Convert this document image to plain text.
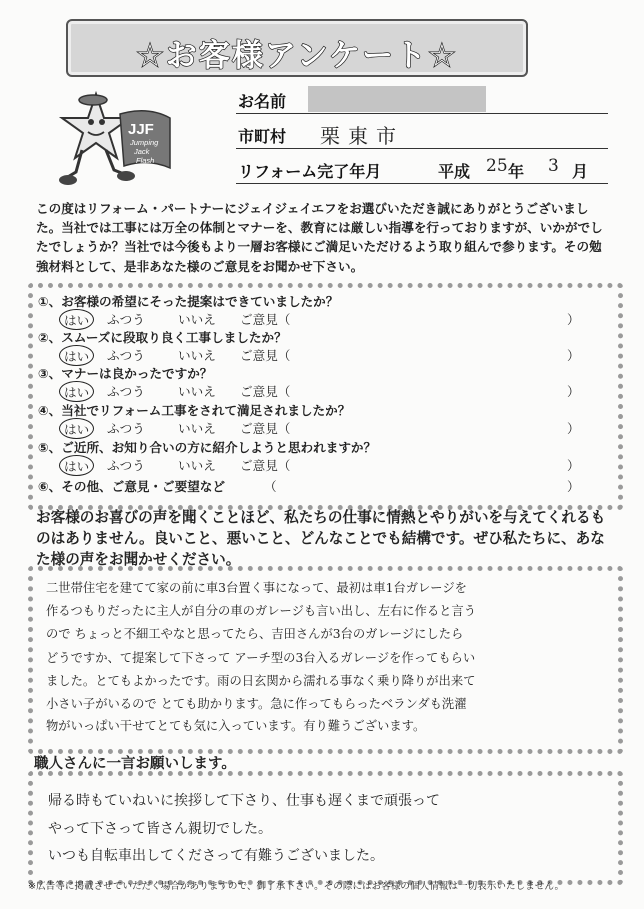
☆お客様アンケート☆
JJF
Jumping
Jack
Flash
お名前
市町村 栗東市
リフォーム完了年月	平成 25 年 3 月
この度はリフォーム・パートナーにジェイジェイエフをお選びいただき誠にありがとうございました。当社では工事には万全の体制とマナーを、教育には厳しい指導を行っておりますが、いかがでしたでしょうか？当社では今後もより一層お客様にご満足いただけるよう取り組んで参ります。その勉強材料として、是非あなた様のご意見をお聞かせ下さい。
①、お客様の希望にそった提案はできていましたか？
はい	ふつう	いいえ ご意見（	）
②、スムーズに段取り良く工事しましたか？
はい	ふつう	いいえ ご意見（	）
③、マナーは良かったですか？
はい	ふつう	いいえ ご意見（	）
④、当社でリフォーム工事をされて満足されましたか？
はい	ふつう	いいえ ご意見（	）
⑤、ご近所、お知り合いの方に紹介しようと思われますか？
はい	ふつう	いいえ ご意見（	）
⑥、その他、ご意見・ご要望など	（	）
お客様のお喜びの声を聞くことほど、私たちの仕事に情熱とやりがいを与えてくれるものはありません。良いこと、悪いこと、どんなことでも結構です。ぜひ私たちに、あなた様の声をお聞かせください。
二世帯住宅を建てて家の前に車3台置く事になって、最初は車1台ガレージを
作るつもりだったに主人が自分の車のガレージも言い出し、左右に作ると言う
ので ちょっと不細工やなと思ってたら、吉田さんが3台のガレージにしたら
どうですか、て提案して下さって アーチ型の3台入るガレージを作ってもらい
ました。とてもよかったです。雨の日玄関から濡れる事なく乗り降りが出来て
小さい子がいるので とても助かります。急に作ってもらったベランダも洗濯
物がいっぱい干せてとても気に入っています。有り難うございます。
職人さんに一言お願いします。
帰る時もていねいに挨拶して下さり、仕事も遅くまで頑張って
やって下さって皆さん親切でした。
いつも自転車出してくださって有難うございました。
※広告等に掲載させていただく場合がありますので、御了承下さい。その際にはお客様の個人情報は一切表示いたしません。
